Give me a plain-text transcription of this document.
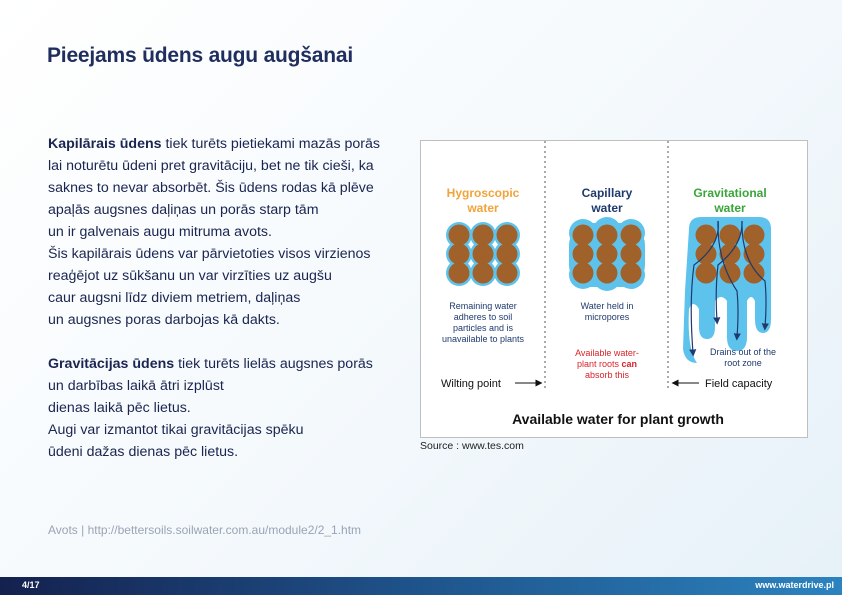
Pieejams ūdens augu augšanai
Kapilārais ūdens tiek turēts pietiekami mazās porās
lai noturētu ūdeni pret gravitāciju, bet ne tik cieši, ka
saknes to nevar absorbēt. Šis ūdens rodas kā plēve
apaļās augsnes daļiņas un porās starp tām
un ir galvenais augu mitruma avots.
Šis kapilārais ūdens var pārvietoties visos virzienos
reaģējot uz sūkšanu un var virzīties uz augšu
caur augsni līdz diviem metriem, daļiņas
un augsnes poras darbojas kā dakts.
Gravitācijas ūdens tiek turēts lielās augsnes porās
un darbības laikā ātri izplūst
dienas laikā pēc lietus.
Augi var izmantot tikai gravitācijas spēku
ūdeni dažas dienas pēc lietus.
Avots | http://bettersoils.soilwater.com.au/module2/2_1.htm
Hygroscopic
water
Remaining water
adheres to soil
particles and is
unavailable to plants
Wilting point
Capillary
water
Water held in
micropores
Available water-
plant roots can
absorb this
Gravitational
water
Drains out of the
root zone
Field capacity
Available water for plant growth
Source : www.tes.com
4/17	www.waterdrive.pl
